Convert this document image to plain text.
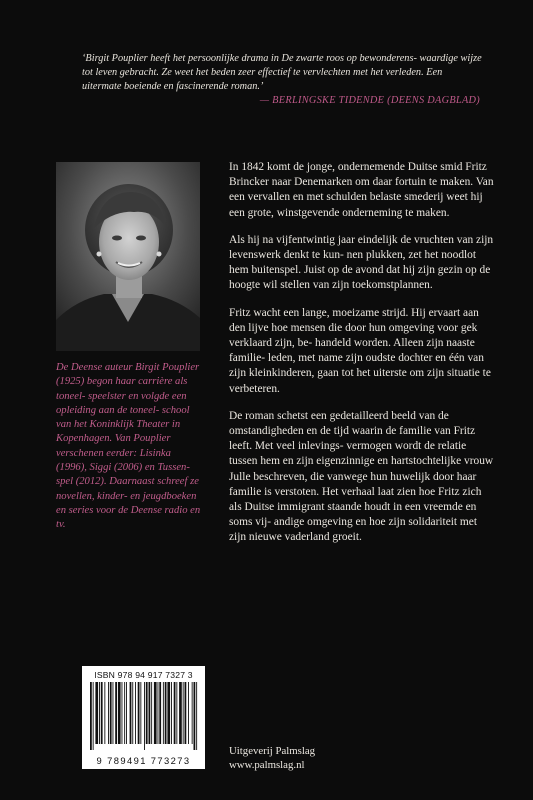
‘Birgit Pouplier heeft het persoonlijke drama in De zwarte roos op bewonderens- waardige wijze tot leven gebracht. Ze weet het beden zeer effectief te vervlechten met het verleden. Een uitermate boeiende en fascinerende roman.’
— BERLINGSKE TIDENDE (DEENS DAGBLAD)
De Deense auteur Birgit Pouplier (1925) begon haar carrière als toneel- speelster en volgde een opleiding aan de toneel- school van het Koninklijk Theater in Kopenhagen. Van Pouplier verschenen eerder: Lisinka (1996), Siggi (2006) en Tussen- spel (2012). Daarnaast schreef ze novellen, kinder- en jeugdboeken en series voor de Deense radio en tv.

In 1842 komt de jonge, ondernemende Duitse smid Fritz Brincker naar Denemarken om daar fortuin te maken. Van een vervallen en met schulden belaste smederij weet hij een grote, winstgevende onderneming te maken.

Als hij na vijfentwintig jaar eindelijk de vruchten van zijn levenswerk denkt te kun- nen plukken, zet het noodlot hem buitenspel. Juist op de avond dat hij zijn gezin op de hoogte wil stellen van zijn toekomstplannen.

Fritz wacht een lange, moeizame strijd. Hij ervaart aan den lijve hoe mensen die door hun omgeving voor gek verklaard zijn, be- handeld worden. Alleen zijn naaste familie- leden, met name zijn oudste dochter en één van zijn kleinkinderen, gaan tot het uiterste om zijn situatie te verbeteren.

De roman schetst een gedetailleerd beeld van de omstandigheden en de tijd waarin de familie van Fritz leeft. Met veel inlevings- vermogen wordt de relatie tussen hem en zijn eigenzinnige en hartstochtelijke vrouw Julle beschreven, die vanwege hun huwelijk door haar familie is verstoten. Het verhaal laat zien hoe Fritz zich als Duitse immigrant staande houdt in een vreemde en soms vij- andige omgeving en hoe zijn solidariteit met zijn nieuwe vaderland groeit.

ISBN 978 94 917 7327 3
9 789491 773273
Uitgeverij Palmslag
www.palmslag.nl
